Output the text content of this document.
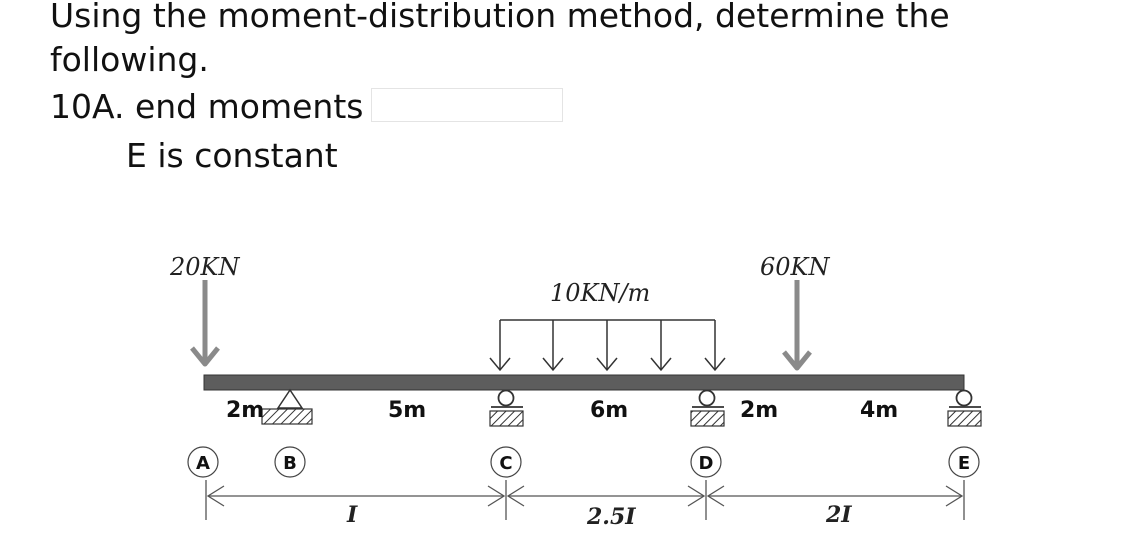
Using the moment-distribution method, determine the
following.
10A. end moments
E is constant
20KN
10KN/m
60KN
2m	5m	6m	2m	4m
A	B	C	D	E
I	2.5I	2I
